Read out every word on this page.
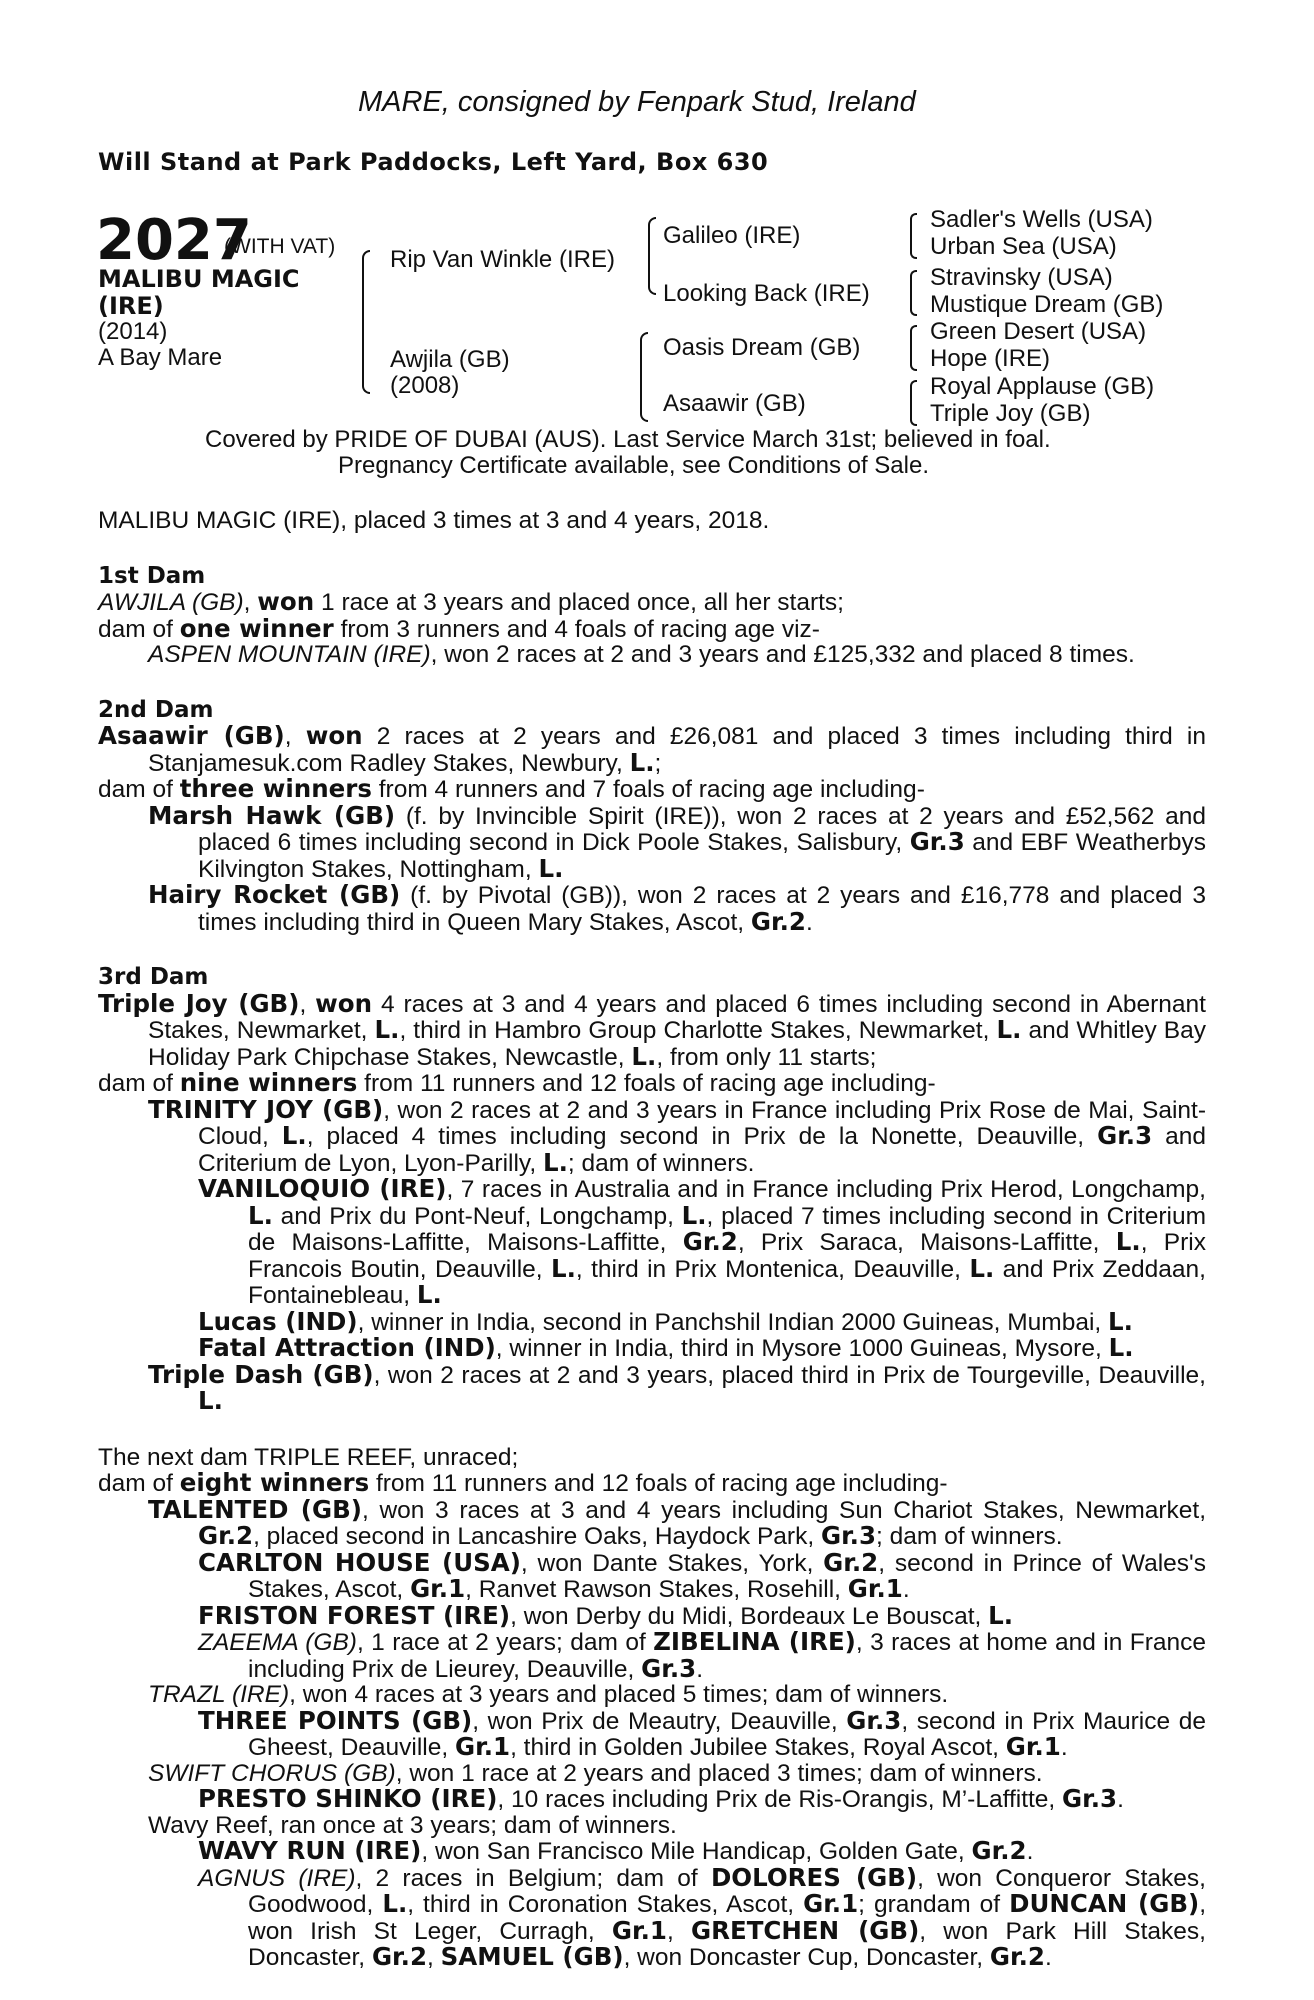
MARE, consigned by Fenpark Stud, Ireland
Will Stand at Park Paddocks, Left Yard, Box 630
2027
(WITH VAT)
MALIBU MAGIC
(IRE)
(2014)
A Bay Mare
Rip Van Winkle (IRE)
Awjila (GB)
(2008)
Galileo (IRE)
Looking Back (IRE)
Oasis Dream (GB)
Asaawir (GB)
Sadler's Wells (USA)
Urban Sea (USA)
Stravinsky (USA)
Mustique Dream (GB)
Green Desert (USA)
Hope (IRE)
Royal Applause (GB)
Triple Joy (GB)
Covered by PRIDE OF DUBAI (AUS). Last Service March 31st; believed in foal.
Pregnancy Certificate available, see Conditions of Sale.
MALIBU MAGIC (IRE), placed 3 times at 3 and 4 years, 2018.
1st Dam
AWJILA (GB), won 1 race at 3 years and placed once, all her starts;
dam of one winner from 3 runners and 4 foals of racing age viz-
ASPEN MOUNTAIN (IRE), won 2 races at 2 and 3 years and £125,332 and placed 8 times.
2nd Dam
Asaawir (GB), won 2 races at 2 years and £26,081 and placed 3 times including third in Stanjamesuk.com Radley Stakes, Newbury, L.;
dam of three winners from 4 runners and 7 foals of racing age including-
Marsh Hawk (GB) (f. by Invincible Spirit (IRE)), won 2 races at 2 years and £52,562 and placed 6 times including second in Dick Poole Stakes, Salisbury, Gr.3 and EBF Weatherbys Kilvington Stakes, Nottingham, L.
Hairy Rocket (GB) (f. by Pivotal (GB)), won 2 races at 2 years and £16,778 and placed 3 times including third in Queen Mary Stakes, Ascot, Gr.2.
3rd Dam
Triple Joy (GB), won 4 races at 3 and 4 years and placed 6 times including second in Abernant Stakes, Newmarket, L., third in Hambro Group Charlotte Stakes, Newmarket, L. and Whitley Bay Holiday Park Chipchase Stakes, Newcastle, L., from only 11 starts;
dam of nine winners from 11 runners and 12 foals of racing age including-
TRINITY JOY (GB), won 2 races at 2 and 3 years in France including Prix Rose de Mai, Saint-Cloud, L., placed 4 times including second in Prix de la Nonette, Deauville, Gr.3 and Criterium de Lyon, Lyon-Parilly, L.; dam of winners.
VANILOQUIO (IRE), 7 races in Australia and in France including Prix Herod, Longchamp, L. and Prix du Pont-Neuf, Longchamp, L., placed 7 times including second in Criterium de Maisons-Laffitte, Maisons-Laffitte, Gr.2, Prix Saraca, Maisons-Laffitte, L., Prix Francois Boutin, Deauville, L., third in Prix Montenica, Deauville, L. and Prix Zeddaan, Fontainebleau, L.
Lucas (IND), winner in India, second in Panchshil Indian 2000 Guineas, Mumbai, L.
Fatal Attraction (IND), winner in India, third in Mysore 1000 Guineas, Mysore, L.
Triple Dash (GB), won 2 races at 2 and 3 years, placed third in Prix de Tourgeville, Deauville, L.
The next dam TRIPLE REEF, unraced;
dam of eight winners from 11 runners and 12 foals of racing age including-
TALENTED (GB), won 3 races at 3 and 4 years including Sun Chariot Stakes, Newmarket, Gr.2, placed second in Lancashire Oaks, Haydock Park, Gr.3; dam of winners.
CARLTON HOUSE (USA), won Dante Stakes, York, Gr.2, second in Prince of Wales's Stakes, Ascot, Gr.1, Ranvet Rawson Stakes, Rosehill, Gr.1.
FRISTON FOREST (IRE), won Derby du Midi, Bordeaux Le Bouscat, L.
ZAEEMA (GB), 1 race at 2 years; dam of ZIBELINA (IRE), 3 races at home and in France including Prix de Lieurey, Deauville, Gr.3.
TRAZL (IRE), won 4 races at 3 years and placed 5 times; dam of winners.
THREE POINTS (GB), won Prix de Meautry, Deauville, Gr.3, second in Prix Maurice de Gheest, Deauville, Gr.1, third in Golden Jubilee Stakes, Royal Ascot, Gr.1.
SWIFT CHORUS (GB), won 1 race at 2 years and placed 3 times; dam of winners.
PRESTO SHINKO (IRE), 10 races including Prix de Ris-Orangis, M’-Laffitte, Gr.3.
Wavy Reef, ran once at 3 years; dam of winners.
WAVY RUN (IRE), won San Francisco Mile Handicap, Golden Gate, Gr.2.
AGNUS (IRE), 2 races in Belgium; dam of DOLORES (GB), won Conqueror Stakes, Goodwood, L., third in Coronation Stakes, Ascot, Gr.1; grandam of DUNCAN (GB), won Irish St Leger, Curragh, Gr.1, GRETCHEN (GB), won Park Hill Stakes, Doncaster, Gr.2, SAMUEL (GB), won Doncaster Cup, Doncaster, Gr.2.
